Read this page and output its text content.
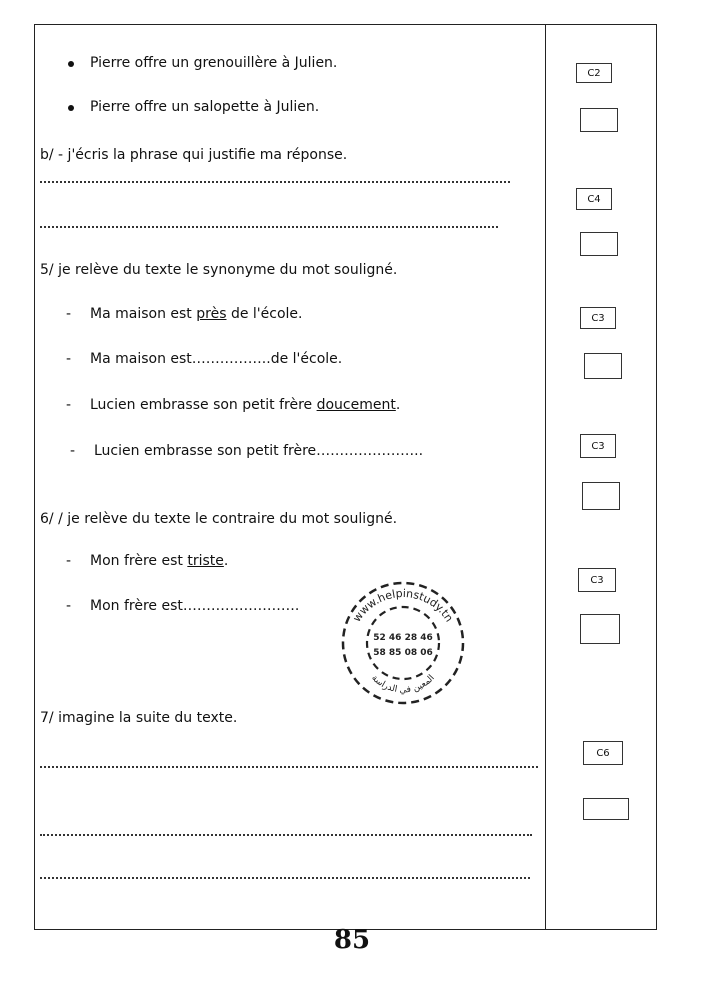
Pierre offre un grenouillère à Julien.
Pierre offre un salopette à Julien.
b/ - j'écris la phrase qui justifie ma réponse.
5/ je relève du texte le synonyme du mot souligné.
- Ma maison est près de l'école.
- Ma maison est……………..de l'école.
- Lucien embrasse son petit frère doucement.
- Lucien embrasse son petit frère…………………..
6/ / je relève du texte le contraire du mot souligné.
- Mon frère est triste.
- Mon frère est…………………….
7/ imagine la suite du texte.
C2
C4
C3
C3
C3
C6
www.helpinstudy.tn
52 46 28 46
58 85 08 06
المعين في الدراسة
85
